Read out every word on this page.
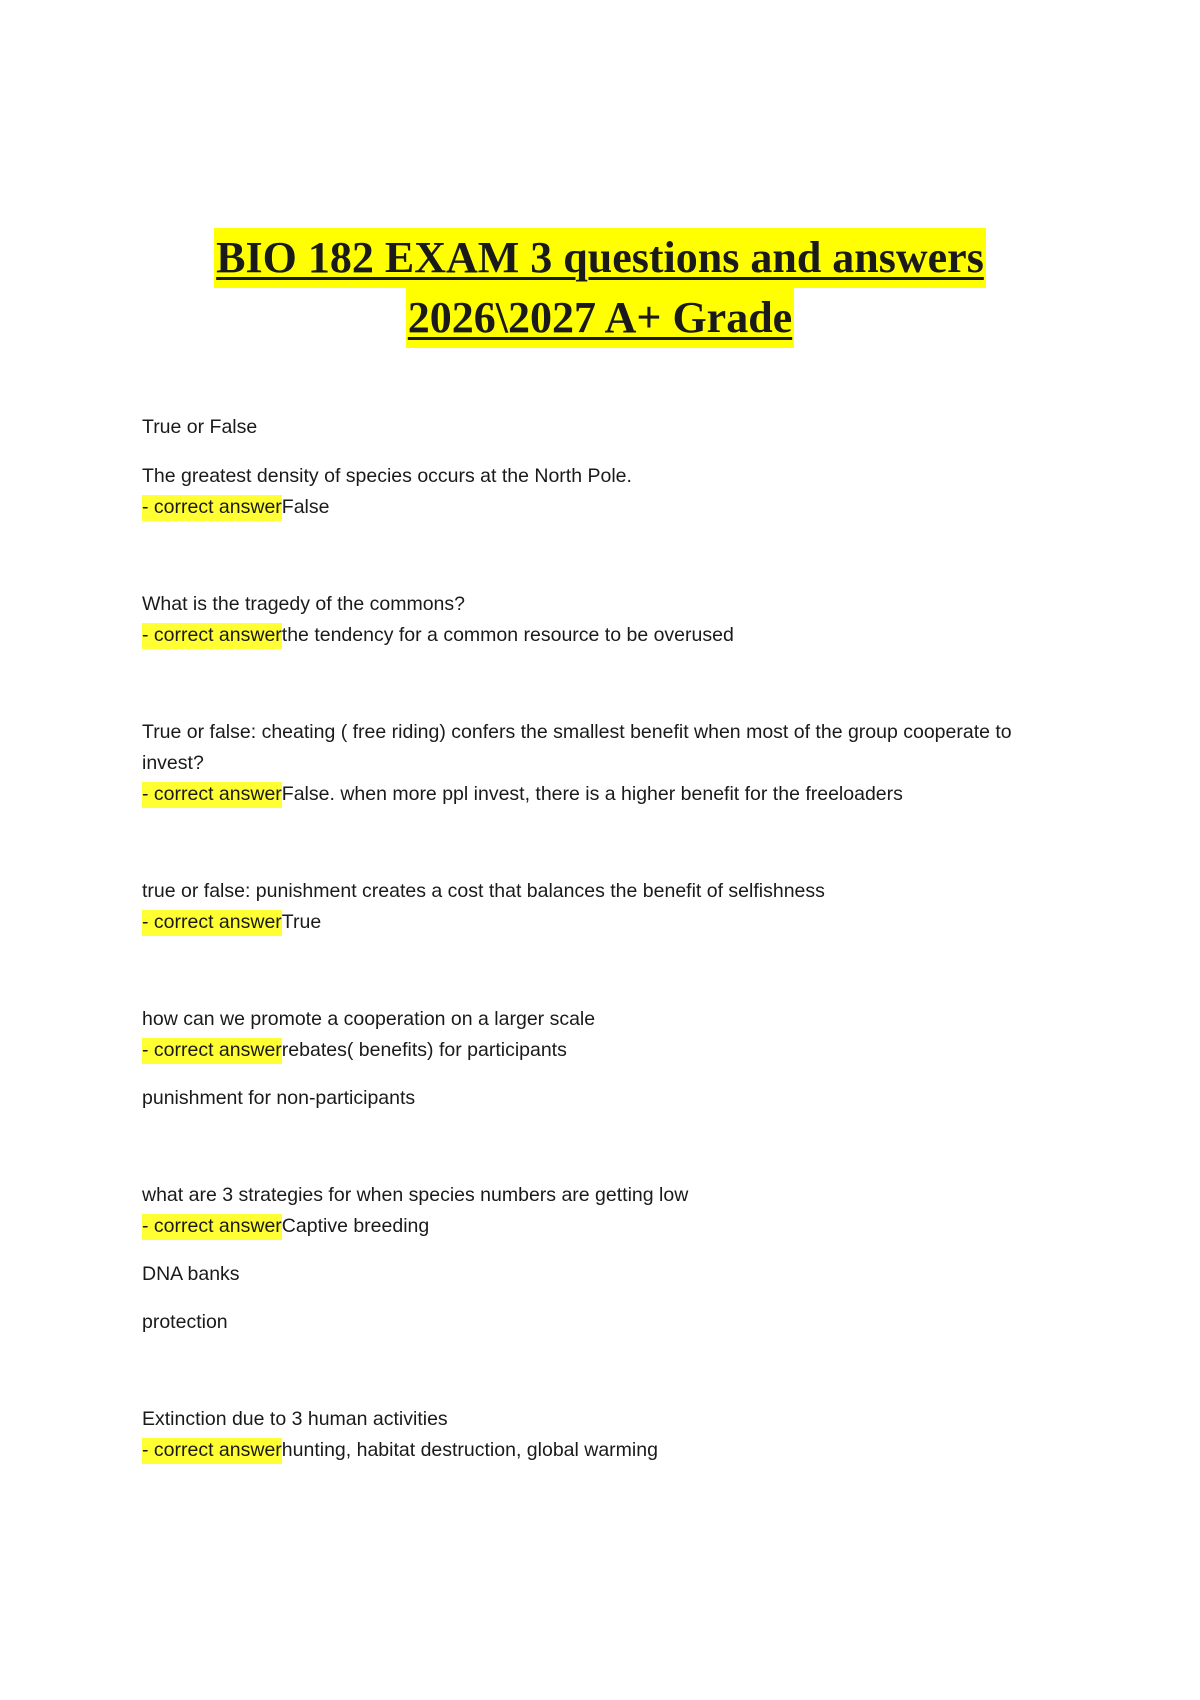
BIO 182 EXAM 3 questions and answers
2026\2027 A+ Grade

True or False

The greatest density of species occurs at the North Pole.

- correct answerFalse

What is the tragedy of the commons?

- correct answerthe tendency for a common resource to be overused

True or false: cheating ( free riding) confers the smallest benefit when most of the group cooperate to invest?

- correct answerFalse. when more ppl invest, there is a higher benefit for the freeloaders

true or false: punishment creates a cost that balances the benefit of selfishness

- correct answerTrue

how can we promote a cooperation on a larger scale

- correct answerrebates( benefits) for participants

punishment for non-participants

what are 3 strategies for when species numbers are getting low

- correct answerCaptive breeding

DNA banks

protection

Extinction due to 3 human activities

- correct answerhunting, habitat destruction, global warming
